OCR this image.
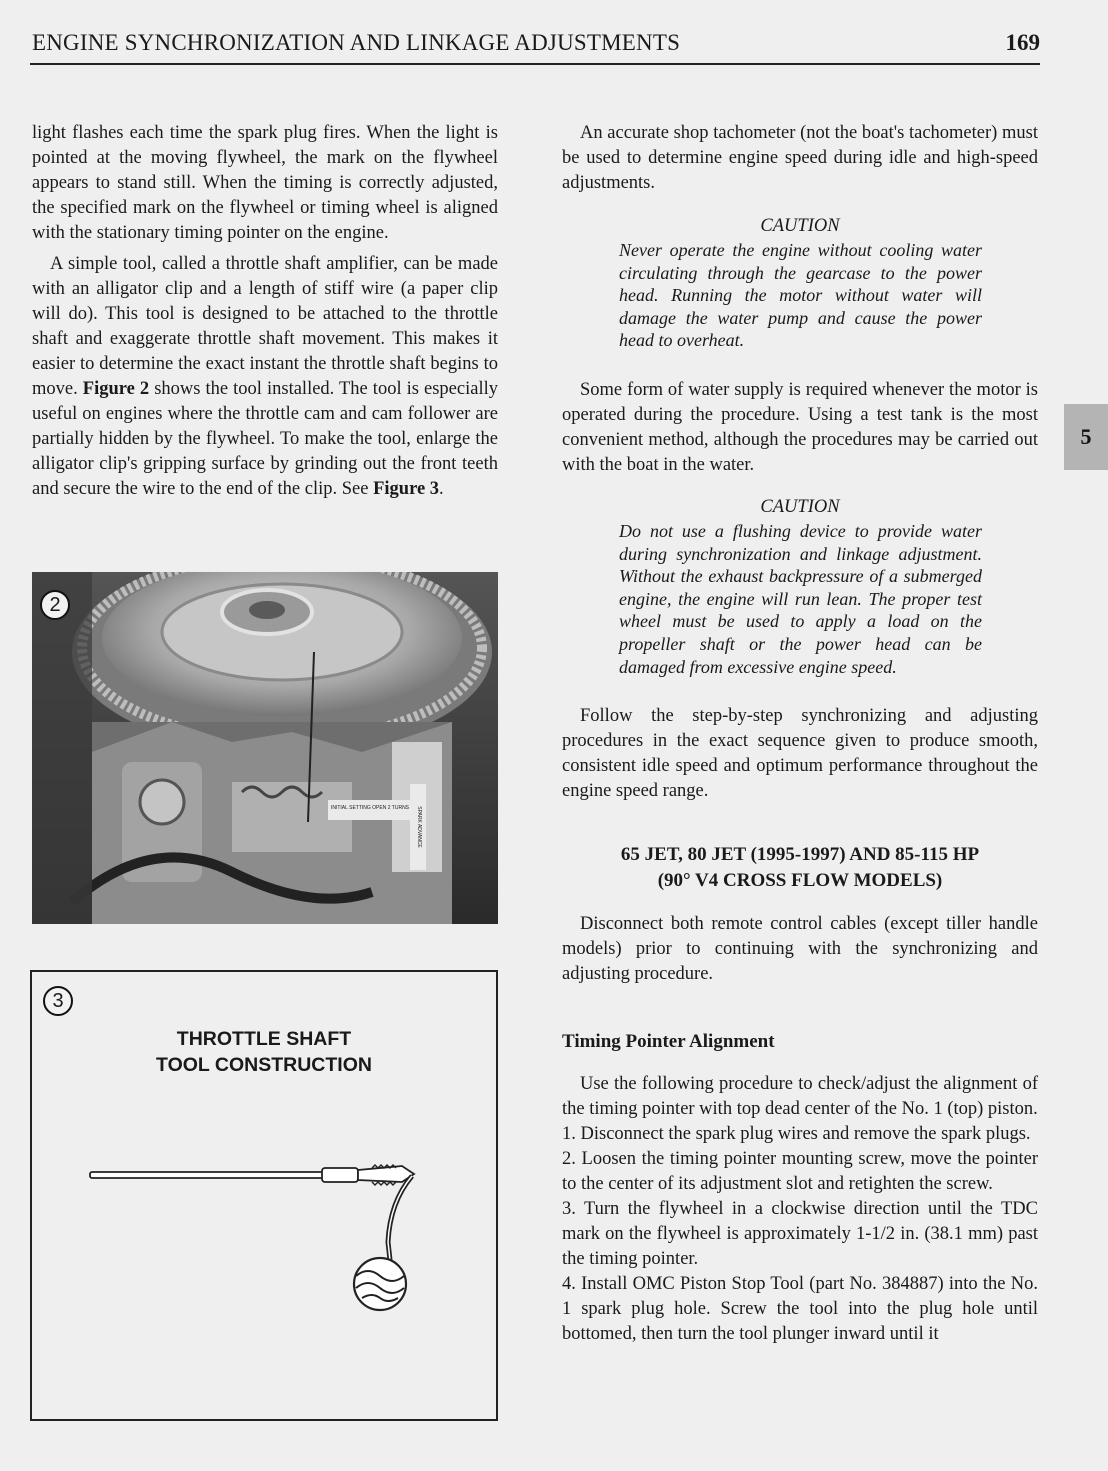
ENGINE SYNCHRONIZATION AND LINKAGE ADJUSTMENTS	169
5

light flashes each time the spark plug fires. When the light is pointed at the moving flywheel, the mark on the flywheel appears to stand still. When the timing is correctly adjusted, the specified mark on the flywheel or timing wheel is aligned with the stationary timing pointer on the engine.

A simple tool, called a throttle shaft amplifier, can be made with an alligator clip and a length of stiff wire (a paper clip will do). This tool is designed to be attached to the throttle shaft and exaggerate throttle shaft movement. This makes it easier to determine the exact instant the throttle shaft begins to move. Figure 2 shows the tool installed. The tool is especially useful on engines where the throttle cam and cam follower are partially hidden by the flywheel. To make the tool, enlarge the alligator clip's gripping surface by grinding out the front teeth and secure the wire to the end of the clip. See Figure 3.

INITIAL SETTING OPEN 2 TURNS SPARK ADVANCE
2
3
THROTTLE SHAFT
TOOL CONSTRUCTION

An accurate shop tachometer (not the boat's tachometer) must be used to determine engine speed during idle and high-speed adjustments.

CAUTION
Never operate the engine without cooling water circulating through the gearcase to the power head. Running the motor without water will damage the water pump and cause the power head to overheat.

Some form of water supply is required whenever the motor is operated during the procedure. Using a test tank is the most convenient method, although the procedures may be carried out with the boat in the water.

CAUTION
Do not use a flushing device to provide water during synchronization and linkage adjustment. Without the exhaust backpressure of a submerged engine, the engine will run lean. The proper test wheel must be used to apply a load on the propeller shaft or the power head can be damaged from excessive engine speed.

Follow the step-by-step synchronizing and adjusting procedures in the exact sequence given to produce smooth, consistent idle speed and optimum performance throughout the engine speed range.

65 JET, 80 JET (1995-1997) AND 85-115 HP
(90° V4 CROSS FLOW MODELS)

Disconnect both remote control cables (except tiller handle models) prior to continuing with the synchronizing and adjusting procedure.

Timing Pointer Alignment

Use the following procedure to check/adjust the alignment of the timing pointer with top dead center of the No. 1 (top) piston.

1. Disconnect the spark plug wires and remove the spark plugs.

2. Loosen the timing pointer mounting screw, move the pointer to the center of its adjustment slot and retighten the screw.

3. Turn the flywheel in a clockwise direction until the TDC mark on the flywheel is approximately 1-1/2 in. (38.1 mm) past the timing pointer.

4. Install OMC Piston Stop Tool (part No. 384887) into the No. 1 spark plug hole. Screw the tool into the plug hole until bottomed, then turn the tool plunger inward until it
